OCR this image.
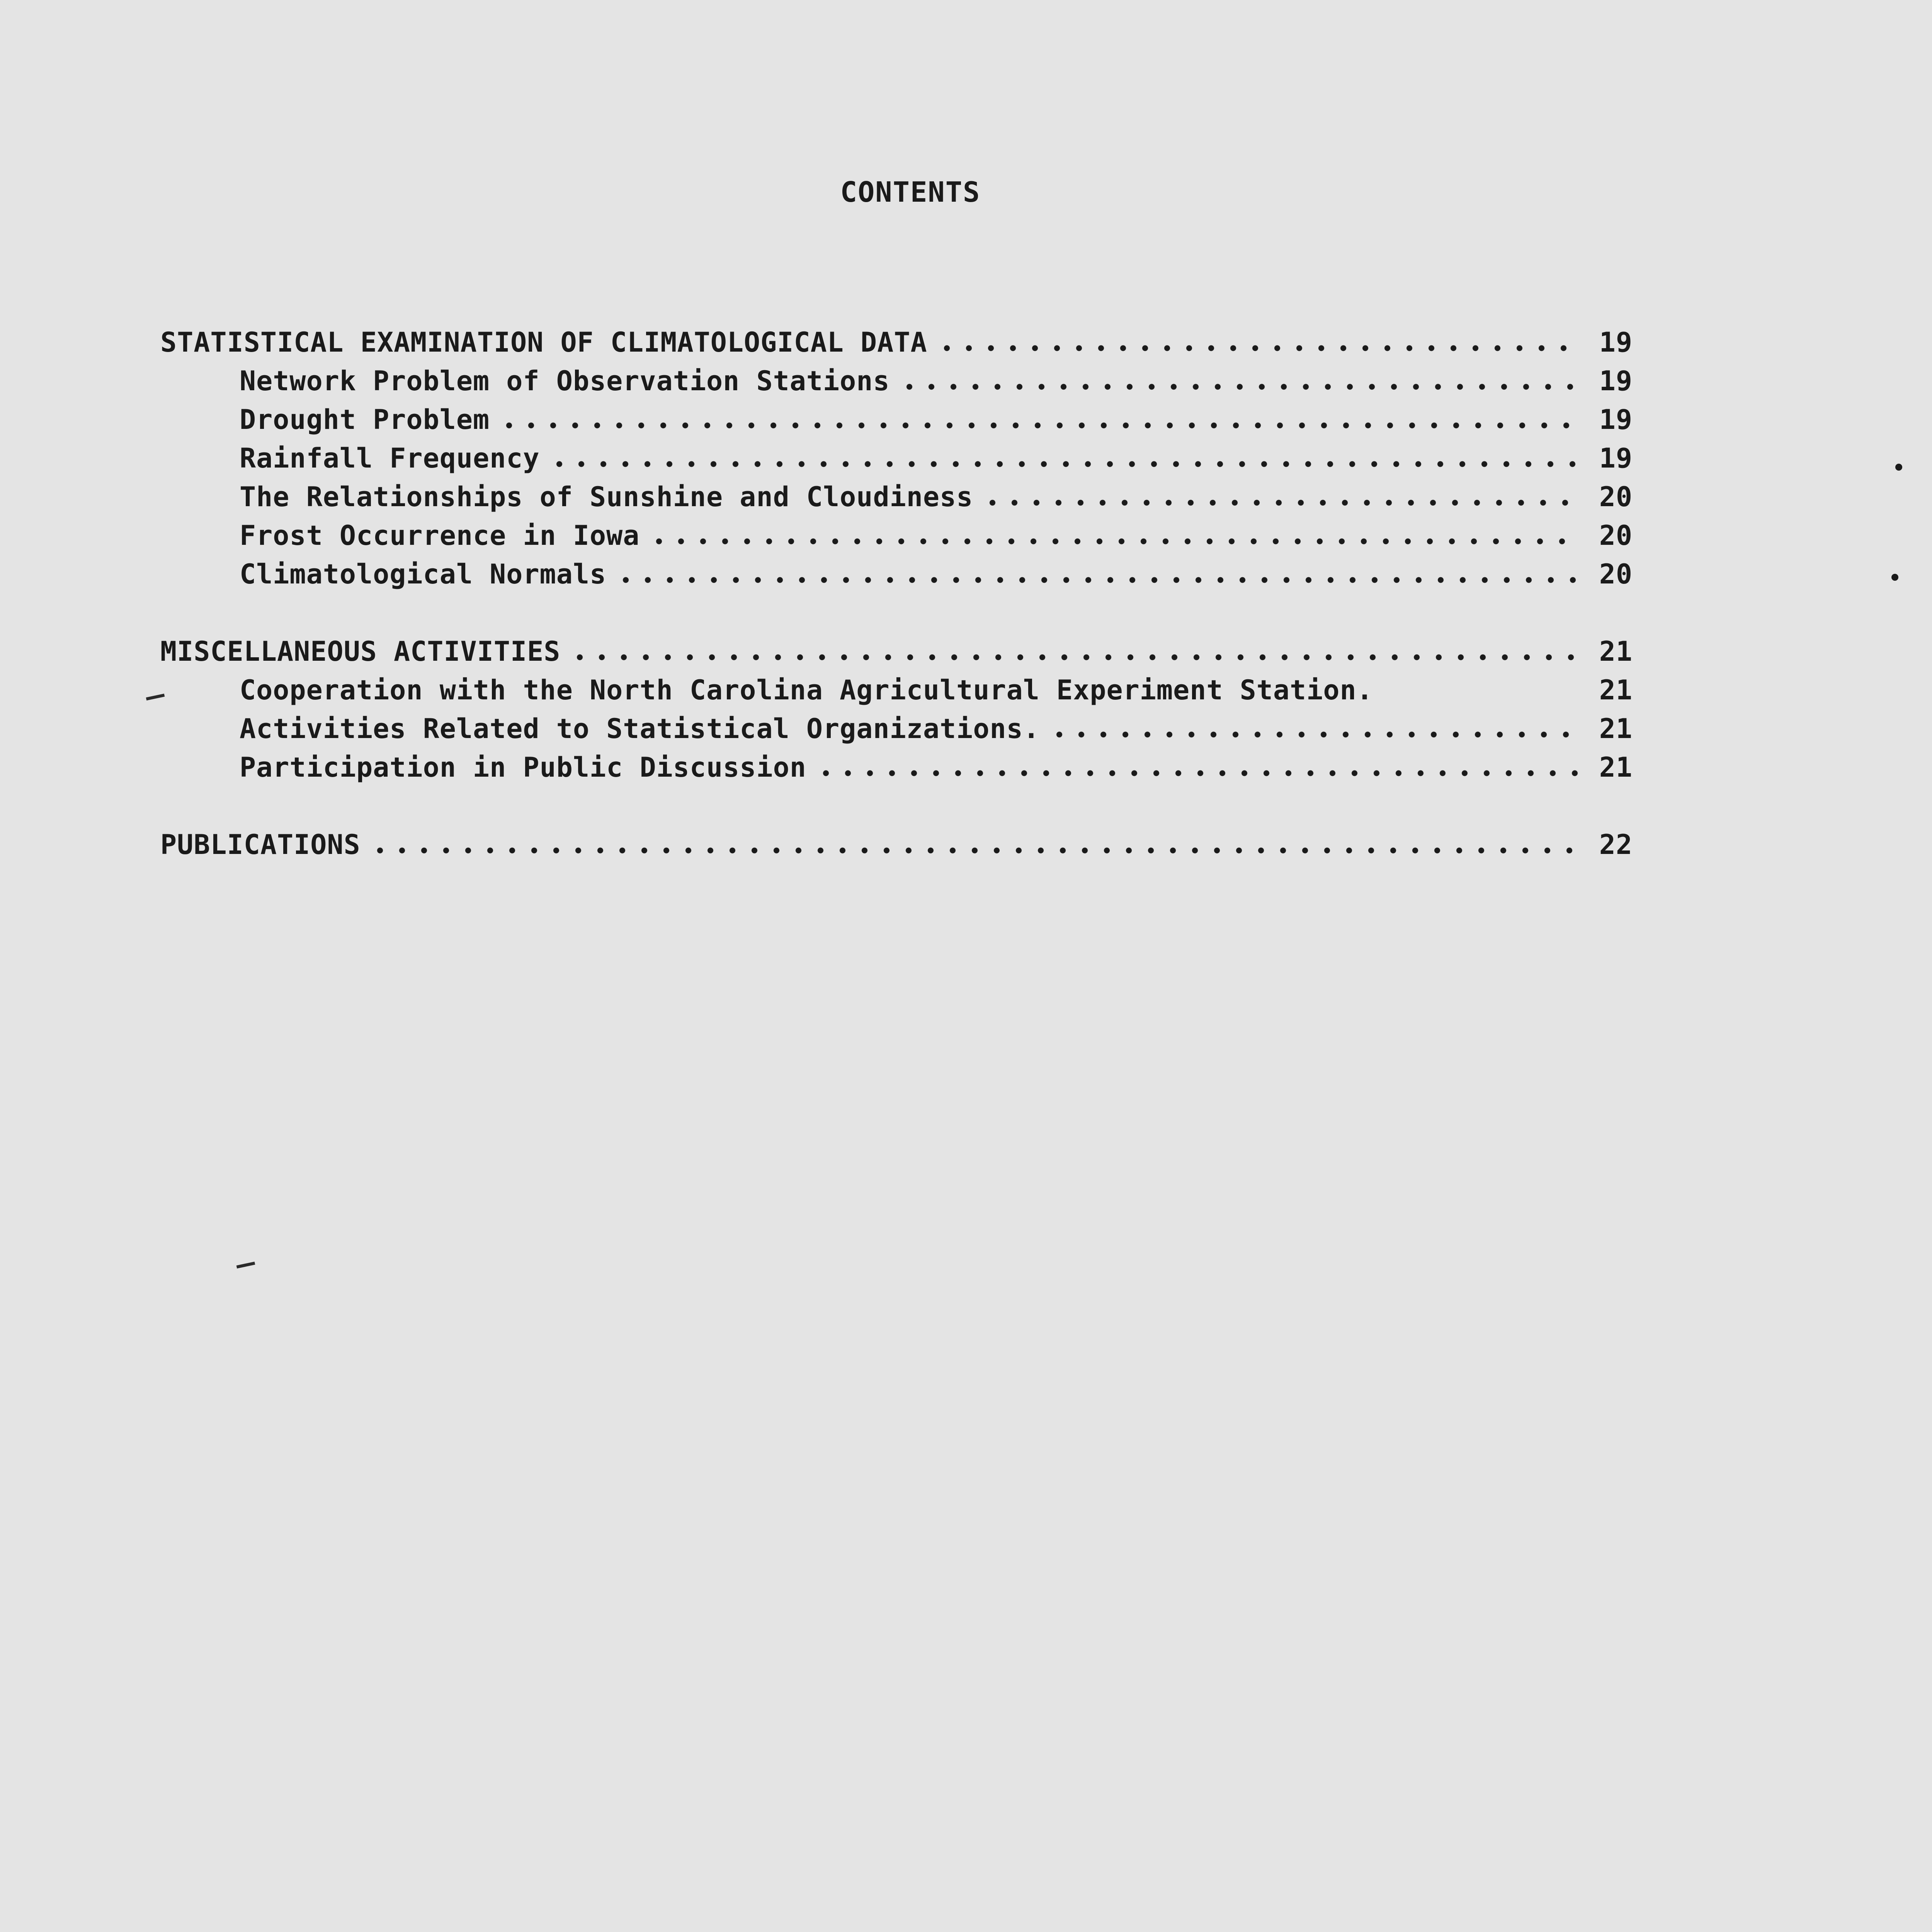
CONTENTS
STATISTICAL EXAMINATION OF CLIMATOLOGICAL DATA	19
Network Problem of Observation Stations	19
Drought Problem	19
Rainfall Frequency	19
The Relationships of Sunshine and Cloudiness	20
Frost Occurrence in Iowa	20
Climatological Normals	20
MISCELLANEOUS ACTIVITIES	21
Cooperation with the North Carolina Agricultural Experiment Station.	21
Activities Related to Statistical Organizations.	21
Participation in Public Discussion	21
PUBLICATIONS	22
